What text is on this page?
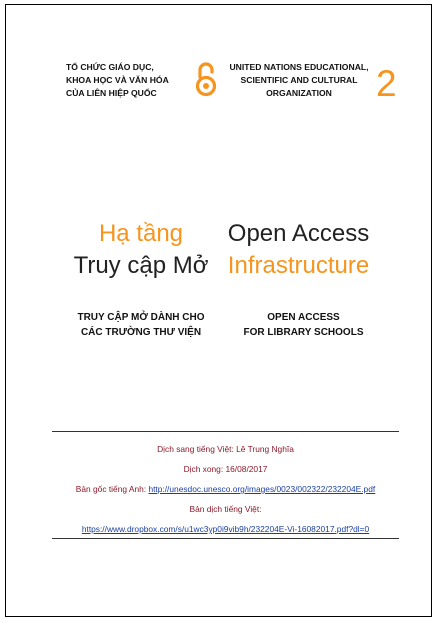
TỔ CHỨC GIÁO DỤC,
KHOA HỌC VÀ VĂN HÓA
CỦA LIÊN HIỆP QUỐC
UNITED NATIONS EDUCATIONAL,
SCIENTIFIC AND CULTURAL
ORGANIZATION	2
Hạ tầng
Truy cập Mở
Open Access
Infrastructure
TRUY CẬP MỞ DÀNH CHO
CÁC TRƯỜNG THƯ VIỆN
OPEN ACCESS
FOR LIBRARY SCHOOLS
Dịch sang tiếng Việt: Lê Trung Nghĩa
Dịch xong: 16/08/2017
Bản gốc tiếng Anh: http://unesdoc.unesco.org/images/0023/002322/232204E.pdf
Bản dịch tiếng Việt:
https://www.dropbox.com/s/u1wc3yp0i9vib9h/232204E-Vi-16082017.pdf?dl=0
